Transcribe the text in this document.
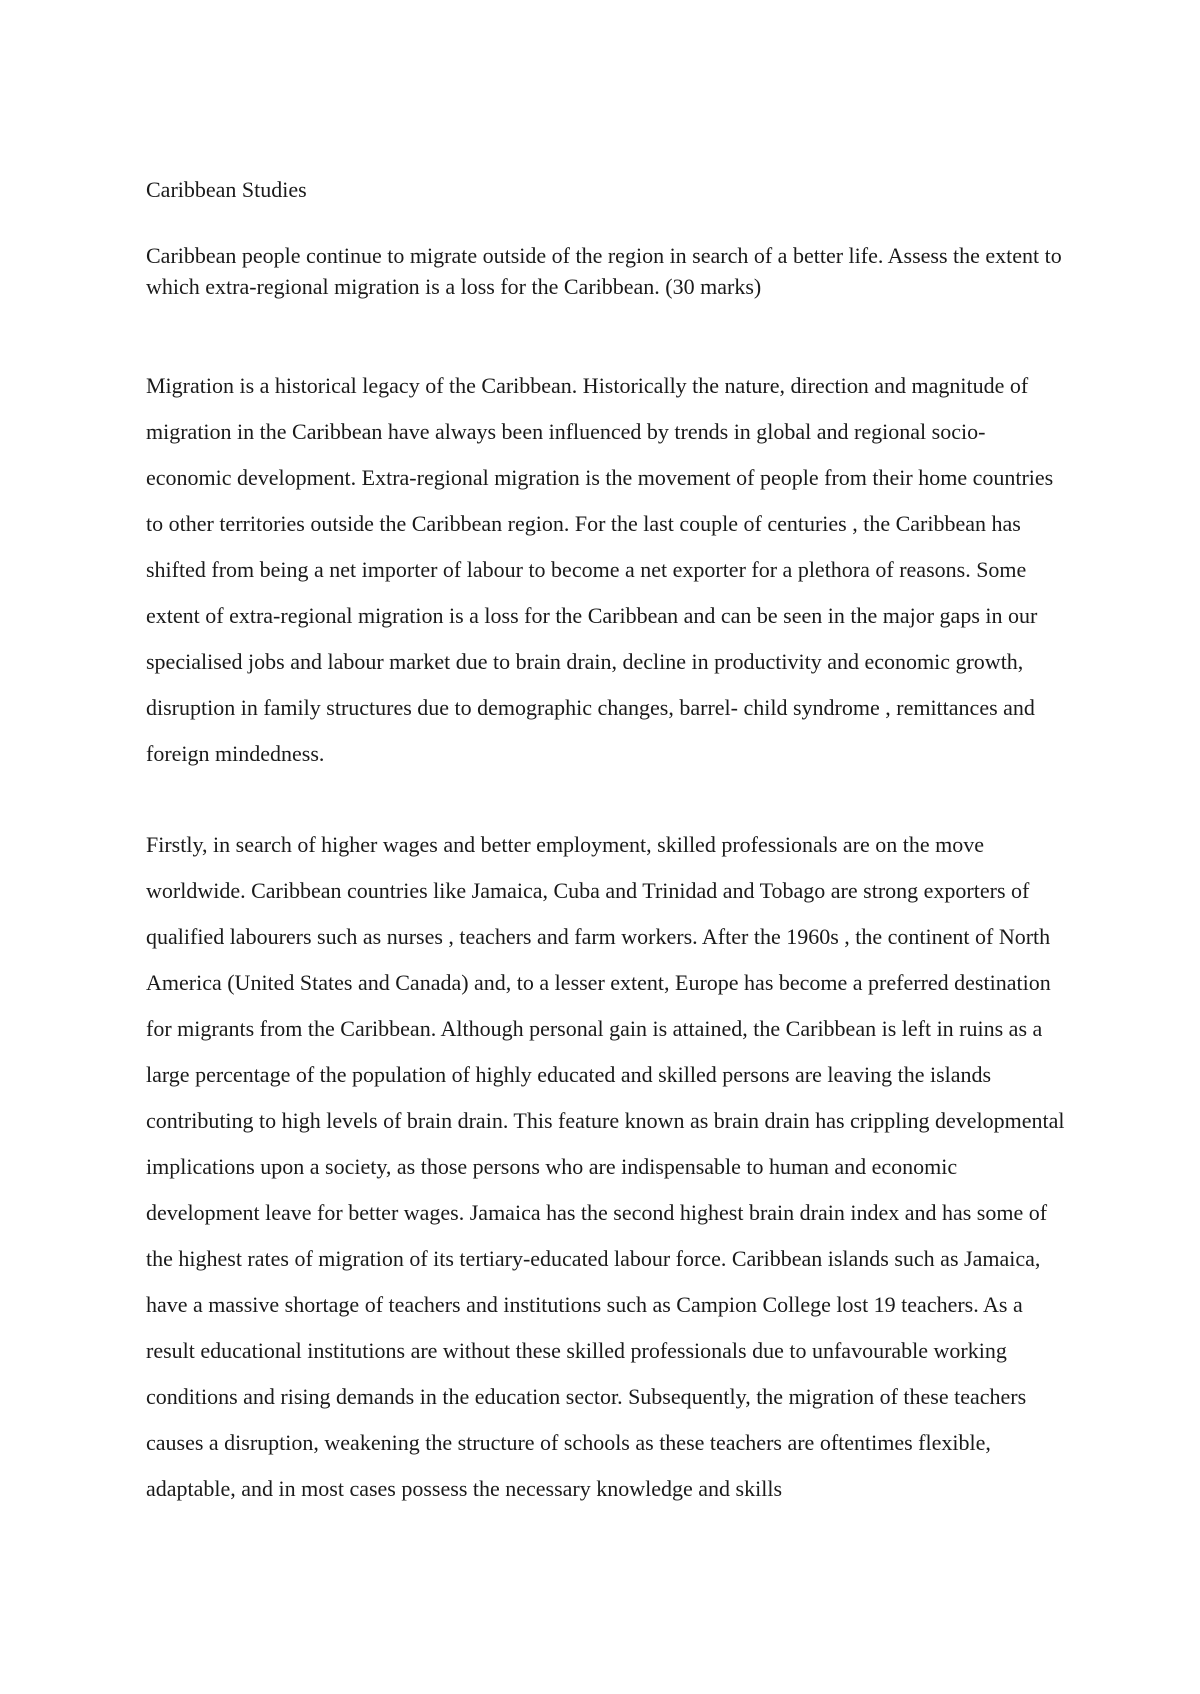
Caribbean Studies

Caribbean people continue to migrate outside of the region in search of a better life. Assess the extent to which extra-regional migration is a loss for the Caribbean. (30 marks)

Migration is a historical legacy of the Caribbean. Historically the nature, direction and magnitude of migration in the Caribbean have always been influenced by trends in global and regional socio-economic development. Extra-regional migration is the movement of people from their home countries to other territories outside the Caribbean region. For the last couple of centuries , the Caribbean has shifted from being a net importer of labour to become a net exporter for a plethora of reasons. Some extent of extra-regional migration is a loss for the Caribbean and can be seen in the major gaps in our specialised jobs and labour market due to brain drain, decline in productivity and economic growth, disruption in family structures due to demographic changes, barrel- child syndrome , remittances and foreign mindedness.

Firstly, in search of higher wages and better employment, skilled professionals are on the move worldwide. Caribbean countries like Jamaica, Cuba and Trinidad and Tobago are strong exporters of qualified labourers such as nurses , teachers and farm workers. After the 1960s , the continent of North America (United States and Canada) and, to a lesser extent, Europe has become a preferred destination for migrants from the Caribbean. Although personal gain is attained, the Caribbean is left in ruins as a large percentage of the population of highly educated and skilled persons are leaving the islands contributing to high levels of brain drain. This feature known as brain drain has crippling developmental implications upon a society, as those persons who are indispensable to human and economic development leave for better wages. Jamaica has the second highest brain drain index and has some of the highest rates of migration of its tertiary-educated labour force. Caribbean islands such as Jamaica, have a massive shortage of teachers and institutions such as Campion College lost 19 teachers. As a result educational institutions are without these skilled professionals due to unfavourable working conditions and rising demands in the education sector. Subsequently, the migration of these teachers causes a disruption, weakening the structure of schools as these teachers are oftentimes flexible, adaptable, and in most cases possess the necessary knowledge and skills
